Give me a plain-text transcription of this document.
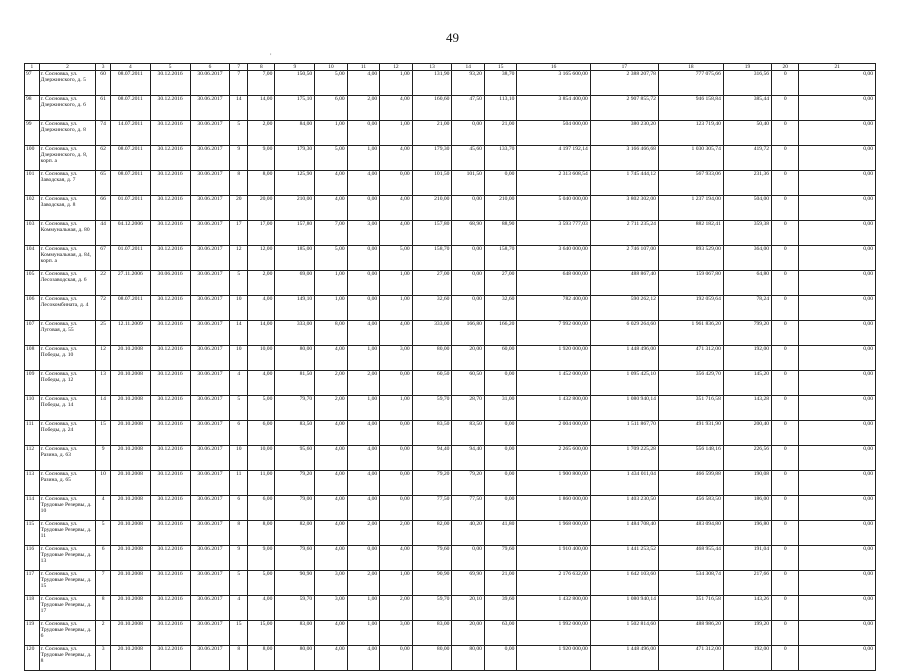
49
,
,
1	2	3	4	5	6	7	8	9	10	11	12	13	14	15	16	17	18	19	20	21
97	г. Сосновка, ул. Дзержинского, д. 5	60	08.07.2011	30.12.2016	30.06.2017	7	7,00	150,50	5,00	4,00	1,00	131,90	93,20	38,70	3 165 600,00	2 388 207,78	777 075,66	316,56	0	0,00
98	г. Сосновка, ул. Дзержинского, д. 6	61	08.07.2011	30.12.2016	30.06.2017	14	14,00	175,10	6,00	2,00	4,00	160,60	47,50	113,10	3 854 400,00	2 907 855,72	946 158,84	385,44	0	0,00
99	г. Сосновка, ул. Дзержинского, д. 8	74	14.07.2011	30.12.2016	30.06.2017	5	2,00	84,00	1,00	0,00	1,00	21,00	0,00	21,00	504 000,00	380 230,20	123 719,40	50,40	0	0,00
100	г. Сосновка, ул. Дзержинского, д. 8, корп. а	62	08.07.2011	30.12.2016	30.06.2017	9	9,00	179,30	5,00	1,00	4,00	179,30	45,60	133,70	4 197 192,14	3 166 466,68	1 030 305,74	419,72	0	0,00
101	г. Сосновка, ул. Заводская, д. 7	65	08.07.2011	30.12.2016	30.06.2017	8	8,00	125,90	4,00	4,00	0,00	101,50	101,50	0,00	2 313 608,54	1 745 444,12	567 933,06	231,36	0	0,00
102	г. Сосновка, ул. Заводская, д. 8	66	01.07.2011	30.12.2016	30.06.2017	20	20,00	210,00	4,00	0,00	4,00	210,00	0,00	210,00	5 040 000,00	3 802 302,00	1 237 194,00	504,00	0	0,00
103	г. Сосновка, ул. Коммунальная, д. 80	44	04.12.2006	30.12.2016	30.06.2017	17	17,00	157,80	7,00	3,00	4,00	157,80	68,90	88,90	3 593 777,03	2 711 235,24	882 182,41	359,38	0	0,00
104	г. Сосновка, ул. Коммунальная, д. 84, корп. а	67	01.07.2011	30.12.2016	30.06.2017	12	12,00	185,00	5,00	0,00	5,00	158,70	0,00	158,70	3 640 000,00	2 746 107,00	893 529,00	364,00	0	0,00
105	г. Сосновка, ул. Лесозаводская, д. 6	22	27.11.2006	30.06.2016	30.06.2017	5	2,00	69,00	1,00	0,00	1,00	27,00	0,00	27,00	648 000,00	488 867,40	159 067,80	64,80	0	0,00
106	г. Сосновка, ул. Лесокомбината, д. 4	72	08.07.2011	30.12.2016	30.06.2017	10	4,00	149,10	1,00	0,00	1,00	32,60	0,00	32,60	782 400,00	590 262,12	192 059,64	78,24	0	0,00
107	г. Сосновка, ул. Луговая, д. 55	25	12.11.2009	30.12.2016	30.06.2017	14	14,00	333,00	8,00	4,00	4,00	333,00	166,80	166,20	7 992 000,00	6 029 264,60	1 961 836,20	799,20	0	0,00
108	г. Сосновка, ул. Победы, д. 10	12	20.10.2008	30.12.2016	30.06.2017	10	10,00	80,00	4,00	1,00	3,00	80,00	20,00	60,00	1 920 000,00	1 448 496,00	471 312,00	192,00	0	0,00
109	г. Сосновка, ул. Победы, д. 12	13	20.10.2008	30.12.2016	30.06.2017	4	4,00	81,50	2,00	2,00	0,00	60,50	60,50	0,00	1 452 000,00	1 095 425,10	356 429,70	145,20	0	0,00
110	г. Сосновка, ул. Победы, д. 14	14	20.10.2008	30.12.2016	30.06.2017	5	5,00	79,70	2,00	1,00	1,00	59,70	28,70	31,00	1 432 800,00	1 080 940,14	351 716,58	143,28	0	0,00
111	г. Сосновка, ул. Победы, д. 24	15	20.10.2008	30.12.2016	30.06.2017	6	6,00	83,50	4,00	4,00	0,00	83,50	83,50	0,00	2 004 000,00	1 511 867,70	491 931,90	200,40	0	0,00
112	г. Сосновка, ул. Разина, д. 63	9	20.10.2008	30.12.2016	30.06.2017	10	10,00	95,60	4,00	4,00	0,00	94,40	94,40	0,00	2 265 600,00	1 709 225,28	556 148,16	226,56	0	0,00
113	г. Сосновка, ул. Разина, д. 65	10	20.10.2008	30.12.2016	30.06.2017	11	11,00	79,20	4,00	4,00	0,00	79,20	79,20	0,00	1 900 800,00	1 434 011,04	466 599,88	190,08	0	0,00
114	г. Сосновка, ул. Трудовые Резервы, д. 10	4	20.10.2008	30.12.2016	30.06.2017	6	6,00	79,00	4,00	4,00	0,00	77,50	77,50	0,00	1 860 000,00	1 403 230,50	456 583,50	186,00	0	0,00
115	г. Сосновка, ул. Трудовые Резервы, д. 11	5	20.10.2008	30.12.2016	30.06.2017	8	8,00	82,00	4,00	2,00	2,00	82,00	40,20	41,80	1 968 000,00	1 484 708,40	483 094,80	196,80	0	0,00
116	г. Сосновка, ул. Трудовые Резервы, д. 13	6	20.10.2008	30.12.2016	30.06.2017	9	9,00	79,60	4,00	0,00	4,00	79,60	0,00	79,60	1 910 400,00	1 441 253,52	468 955,44	191,04	0	0,00
117	г. Сосновка, ул. Трудовые Резервы, д. 15	7	20.10.2008	30.12.2016	30.06.2017	5	5,00	90,90	3,00	2,00	1,00	90,90	69,90	21,00	2 176 632,00	1 642 103,60	534 308,74	217,66	0	0,00
118	г. Сосновка, ул. Трудовые Резервы, д. 17	8	20.10.2008	30.12.2016	30.06.2017	4	4,00	59,70	3,00	1,00	2,00	59,70	20,10	39,60	1 432 800,00	1 080 940,14	351 716,58	143,26	0	0,00
119	г. Сосновка, ул. Трудовые Резервы, д. 6	2	20.10.2008	30.12.2016	30.06.2017	15	15,00	83,00	4,00	1,00	3,00	83,00	20,00	63,00	1 992 000,00	1 502 814,60	488 986,20	199,20	0	0,00
120	г. Сосновка, ул. Трудовые Резервы, д. 8	3	20.10.2008	30.12.2016	30.06.2017	8	8,00	80,00	4,00	4,00	0,00	80,00	80,00	0,00	1 920 000,00	1 448 496,00	471 312,00	192,00	0	0,00
